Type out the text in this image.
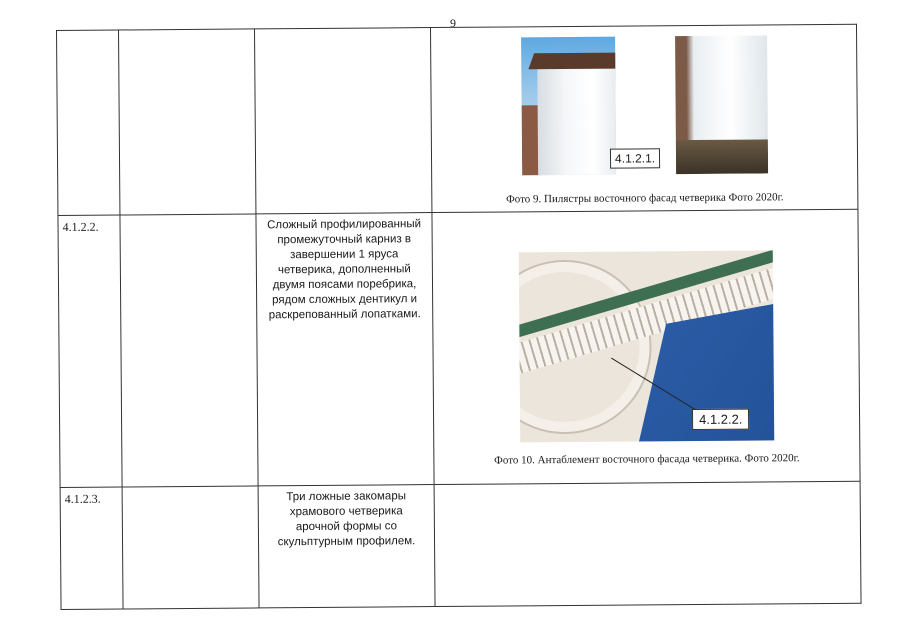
9

			4.1.2.1.
Фото 9. Пилястры восточного фасад четверика Фото 2020г.

4.1.2.2.		Сложный профилированный промежуточный карниз в завершении 1 яруса четверика, дополненный двумя поясами поребрика, рядом сложных дентикул и раскрепованный лопатками.	4.1.2.2.
Фото 10. Антаблемент восточного фасада четверика. Фото 2020г.

4.1.2.3.		Три ложные закомары храмового четверика арочной формы со скульптурным профилем.	
